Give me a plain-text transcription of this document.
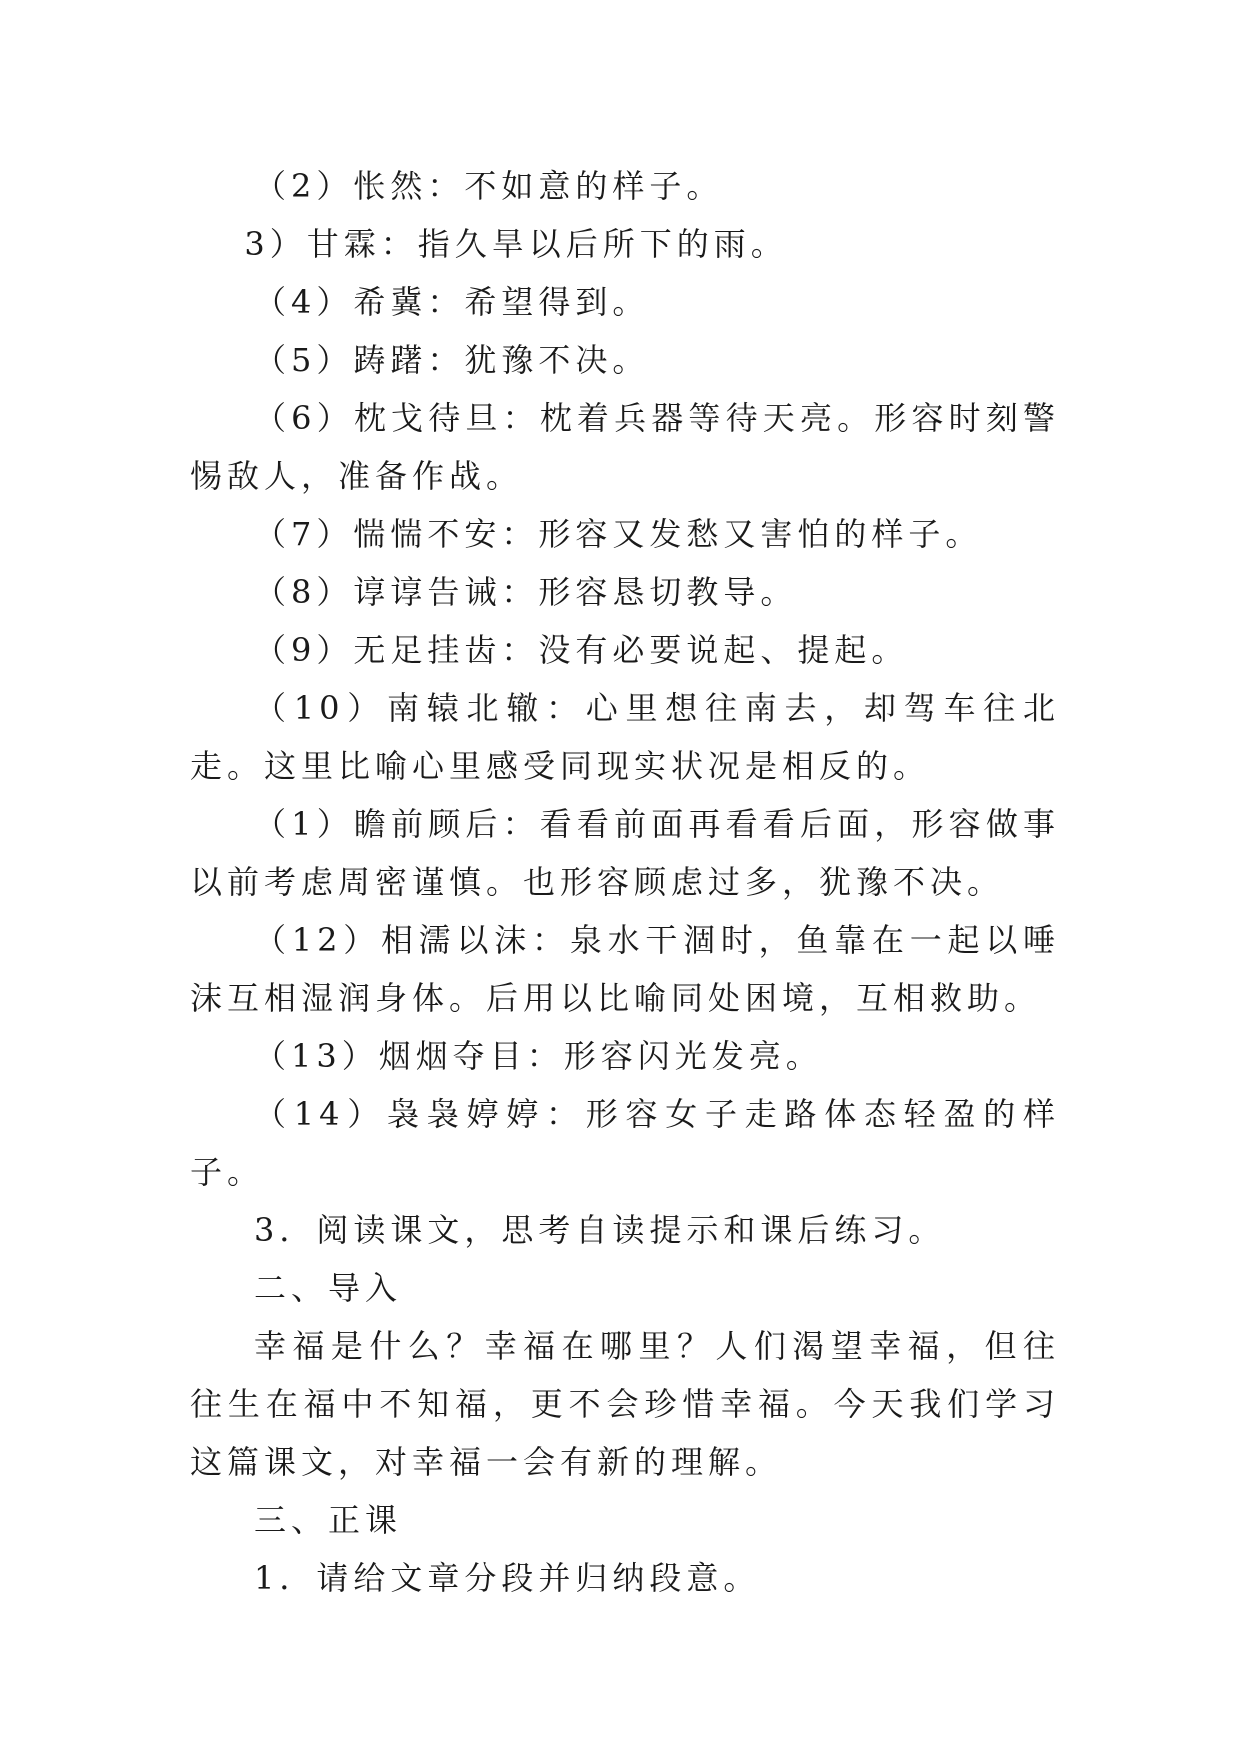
（2）怅然：不如意的样子。

3）甘霖：指久旱以后所下的雨。

（4）希冀：希望得到。

（5）踌躇：犹豫不决。

（6）枕戈待旦：枕着兵器等待天亮。形容时刻警惕敌人，准备作战。

（7）惴惴不安：形容又发愁又害怕的样子。

（8）谆谆告诫：形容恳切教导。

（9）无足挂齿：没有必要说起、提起。

（10）南辕北辙：心里想往南去，却驾车往北走。这里比喻心里感受同现实状况是相反的。

（1）瞻前顾后：看看前面再看看后面，形容做事以前考虑周密谨慎。也形容顾虑过多，犹豫不决。

（12）相濡以沫：泉水干涸时，鱼靠在一起以唾沫互相湿润身体。后用以比喻同处困境，互相救助。

（13）烟烟夺目：形容闪光发亮。

（14）袅袅婷婷：形容女子走路体态轻盈的样子。

3．阅读课文，思考自读提示和课后练习。

二、导入

幸福是什么？幸福在哪里？人们渴望幸福，但往往生在福中不知福，更不会珍惜幸福。今天我们学习这篇课文，对幸福一会有新的理解。

三、正课

1．请给文章分段并归纳段意。
